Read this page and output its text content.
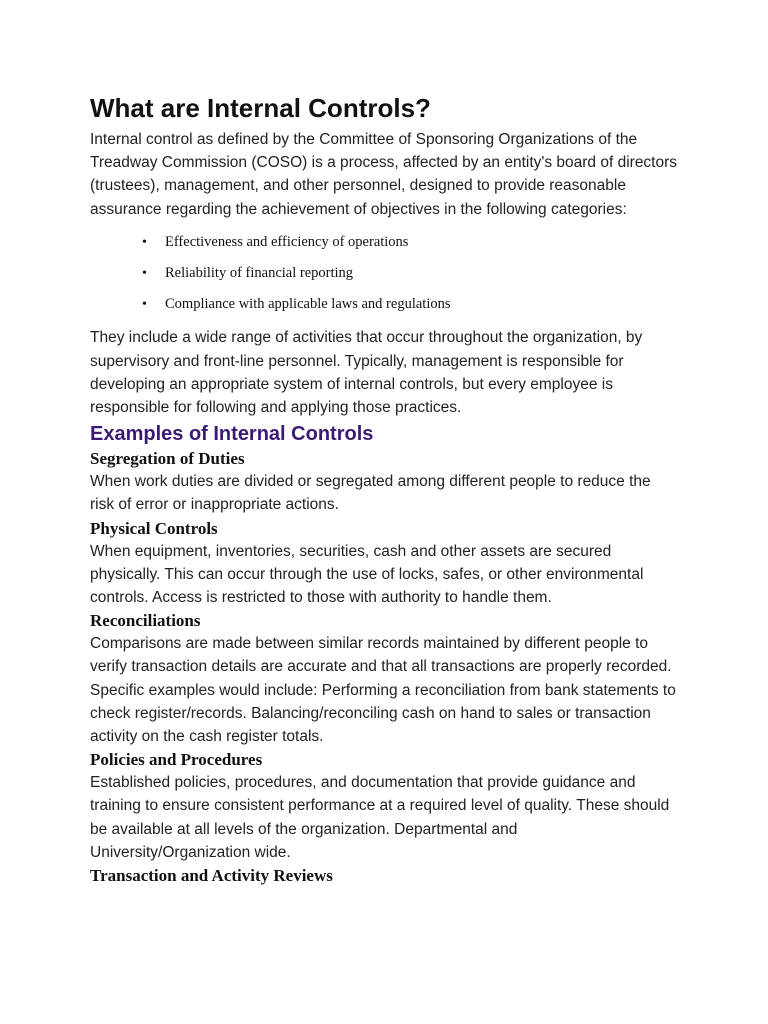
What are Internal Controls?

Internal control as defined by the Committee of Sponsoring Organizations of the Treadway Commission (COSO) is a process, affected by an entity's board of directors (trustees), management, and other personnel, designed to provide reasonable assurance regarding the achievement of objectives in the following categories:

• Effectiveness and efficiency of operations
• Reliability of financial reporting
• Compliance with applicable laws and regulations

They include a wide range of activities that occur throughout the organization, by supervisory and front-line personnel. Typically, management is responsible for developing an appropriate system of internal controls, but every employee is responsible for following and applying those practices.

Examples of Internal Controls
Segregation of Duties

When work duties are divided or segregated among different people to reduce the risk of error or inappropriate actions.

Physical Controls

When equipment, inventories, securities, cash and other assets are secured physically. This can occur through the use of locks, safes, or other environmental controls. Access is restricted to those with authority to handle them.

Reconciliations

Comparisons are made between similar records maintained by different people to verify transaction details are accurate and that all transactions are properly recorded. Specific examples would include: Performing a reconciliation from bank statements to check register/records. Balancing/reconciling cash on hand to sales or transaction activity on the cash register totals.

Policies and Procedures

Established policies, procedures, and documentation that provide guidance and training to ensure consistent performance at a required level of quality. These should be available at all levels of the organization. Departmental and University/Organization wide.

Transaction and Activity Reviews
